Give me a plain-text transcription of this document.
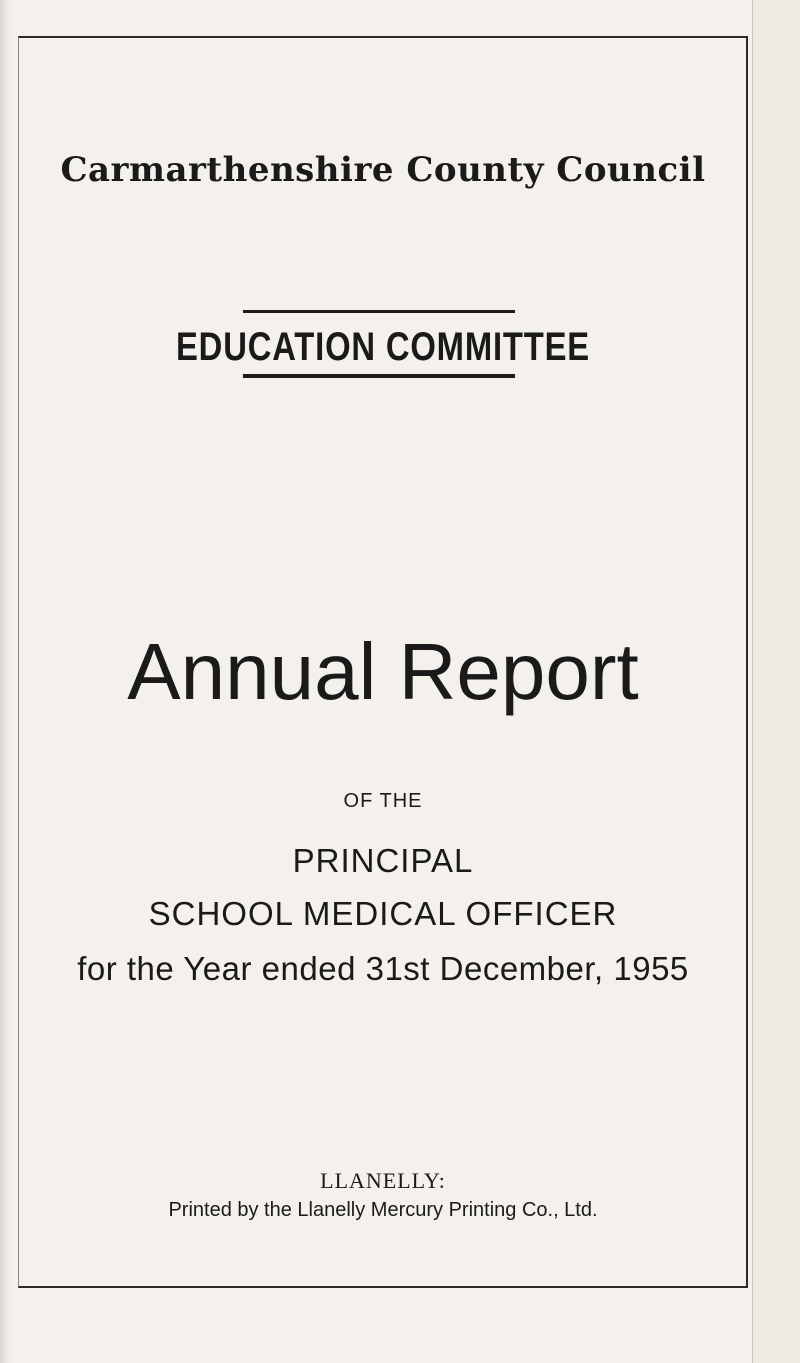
Carmarthenshire County Council
EDUCATION COMMITTEE
Annual Report
OF THE
PRINCIPAL
SCHOOL MEDICAL OFFICER
for the Year ended 31st December, 1955
LLANELLY:
Printed by the Llanelly Mercury Printing Co., Ltd.
